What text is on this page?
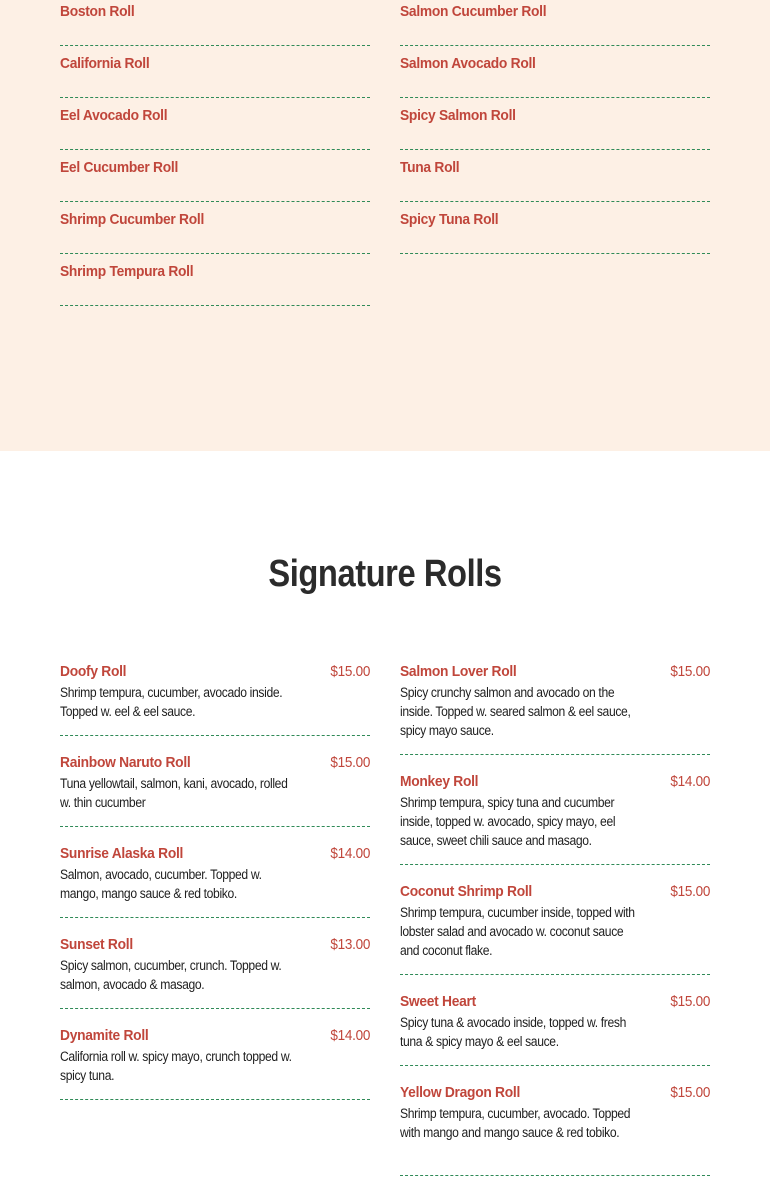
Boston Roll
California Roll
Eel Avocado Roll
Eel Cucumber Roll
Shrimp Cucumber Roll
Shrimp Tempura Roll
Salmon Cucumber Roll
Salmon Avocado Roll
Spicy Salmon Roll
Tuna Roll
Spicy Tuna Roll
Signature Rolls
Doofy Roll	$15.00
Shrimp tempura, cucumber, avocado inside. Topped w. eel & eel sauce.
Rainbow Naruto Roll	$15.00
Tuna yellowtail, salmon, kani, avocado, rolled w. thin cucumber
Sunrise Alaska Roll	$14.00
Salmon, avocado, cucumber. Topped w. mango, mango sauce & red tobiko.
Sunset Roll	$13.00
Spicy salmon, cucumber, crunch. Topped w. salmon, avocado & masago.
Dynamite Roll	$14.00
California roll w. spicy mayo, crunch topped w. spicy tuna.
Salmon Lover Roll	$15.00
Spicy crunchy salmon and avocado on the inside. Topped w. seared salmon & eel sauce, spicy mayo sauce.
Monkey Roll	$14.00
Shrimp tempura, spicy tuna and cucumber inside, topped w. avocado, spicy mayo, eel sauce, sweet chili sauce and masago.
Coconut Shrimp Roll	$15.00
Shrimp tempura, cucumber inside, topped with lobster salad and avocado w. coconut sauce and coconut flake.
Sweet Heart	$15.00
Spicy tuna & avocado inside, topped w. fresh tuna & spicy mayo & eel sauce.
Yellow Dragon Roll	$15.00
Shrimp tempura, cucumber, avocado. Topped with mango and mango sauce & red tobiko.
